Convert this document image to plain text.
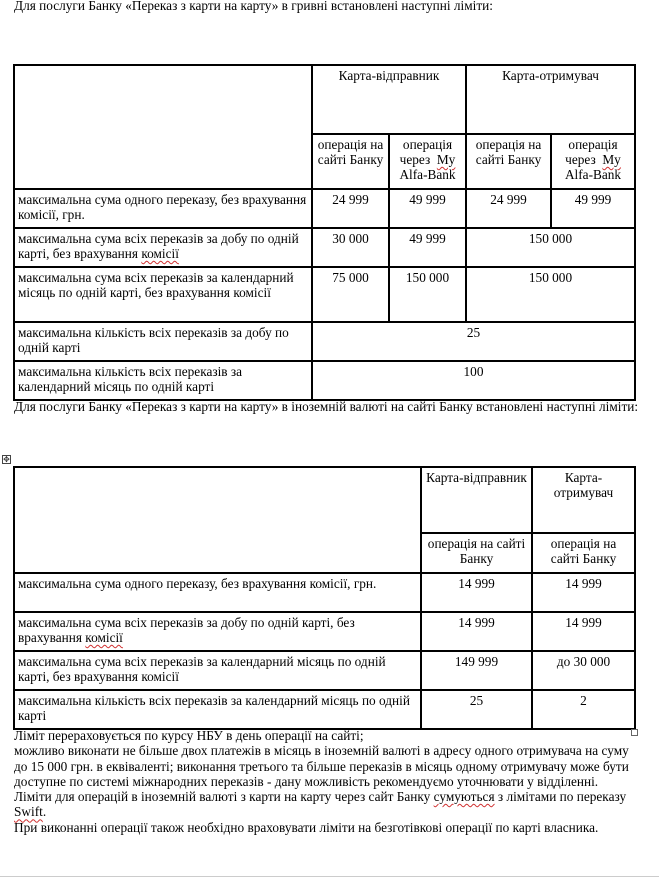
Для послуги Банку «Переказ з карти на карту» в гривні встановлені наступні ліміти:

	Карта-відправник		Карта-отримувач	
	операція на сайті Банку	операція через My Alfa-Bank	операція на сайті Банку	операція через My Alfa-Bank
максимальна сума одного переказу, без врахування комісії, грн.	24 999	49 999	24 999	49 999
максимальна сума всіх переказів за добу по одній карті, без врахування комісії	30 000	49 999	150 000	
максимальна сума всіх переказів за календарний місяць по одній карті, без врахування комісії	75 000	150 000	150 000	
максимальна кількість всіх переказів за добу по одній карті	25			
максимальна кількість всіх переказів за календарний місяць по одній карті	100			

Для послуги Банку «Переказ з карти на карту» в іноземній валюті на сайті Банку встановлені наступні ліміти:

✥
	Карта-відправник	Карта-отримувач
	операція на сайті Банку	операція на сайті Банку
максимальна сума одного переказу, без врахування комісії, грн.	14 999	14 999
максимальна сума всіх переказів за добу по одній карті, без врахування комісії	14 999	14 999
максимальна сума всіх переказів за календарний місяць по одній карті, без врахування комісії	149 999	до 30 000
максимальна кількість всіх переказів за календарний місяць по одній карті	25	2
Ліміт перераховується по курсу НБУ в день операції на сайті;
можливо виконати не більше двох платежів в місяць в іноземній валюті в адресу одного отримувача на суму до 15 000 грн. в еквіваленті; виконання третього та більше переказів в місяць одному отримувачу може бути доступне по системі міжнародних переказів - дану можливість рекомендуємо уточнювати у відділенні.
Ліміти для операцій в іноземній валюті з карти на карту через сайт Банку сумуються з лімітами по переказу Swift.
При виконанні операції також необхідно враховувати ліміти на безготівкові операції по карті власника.
